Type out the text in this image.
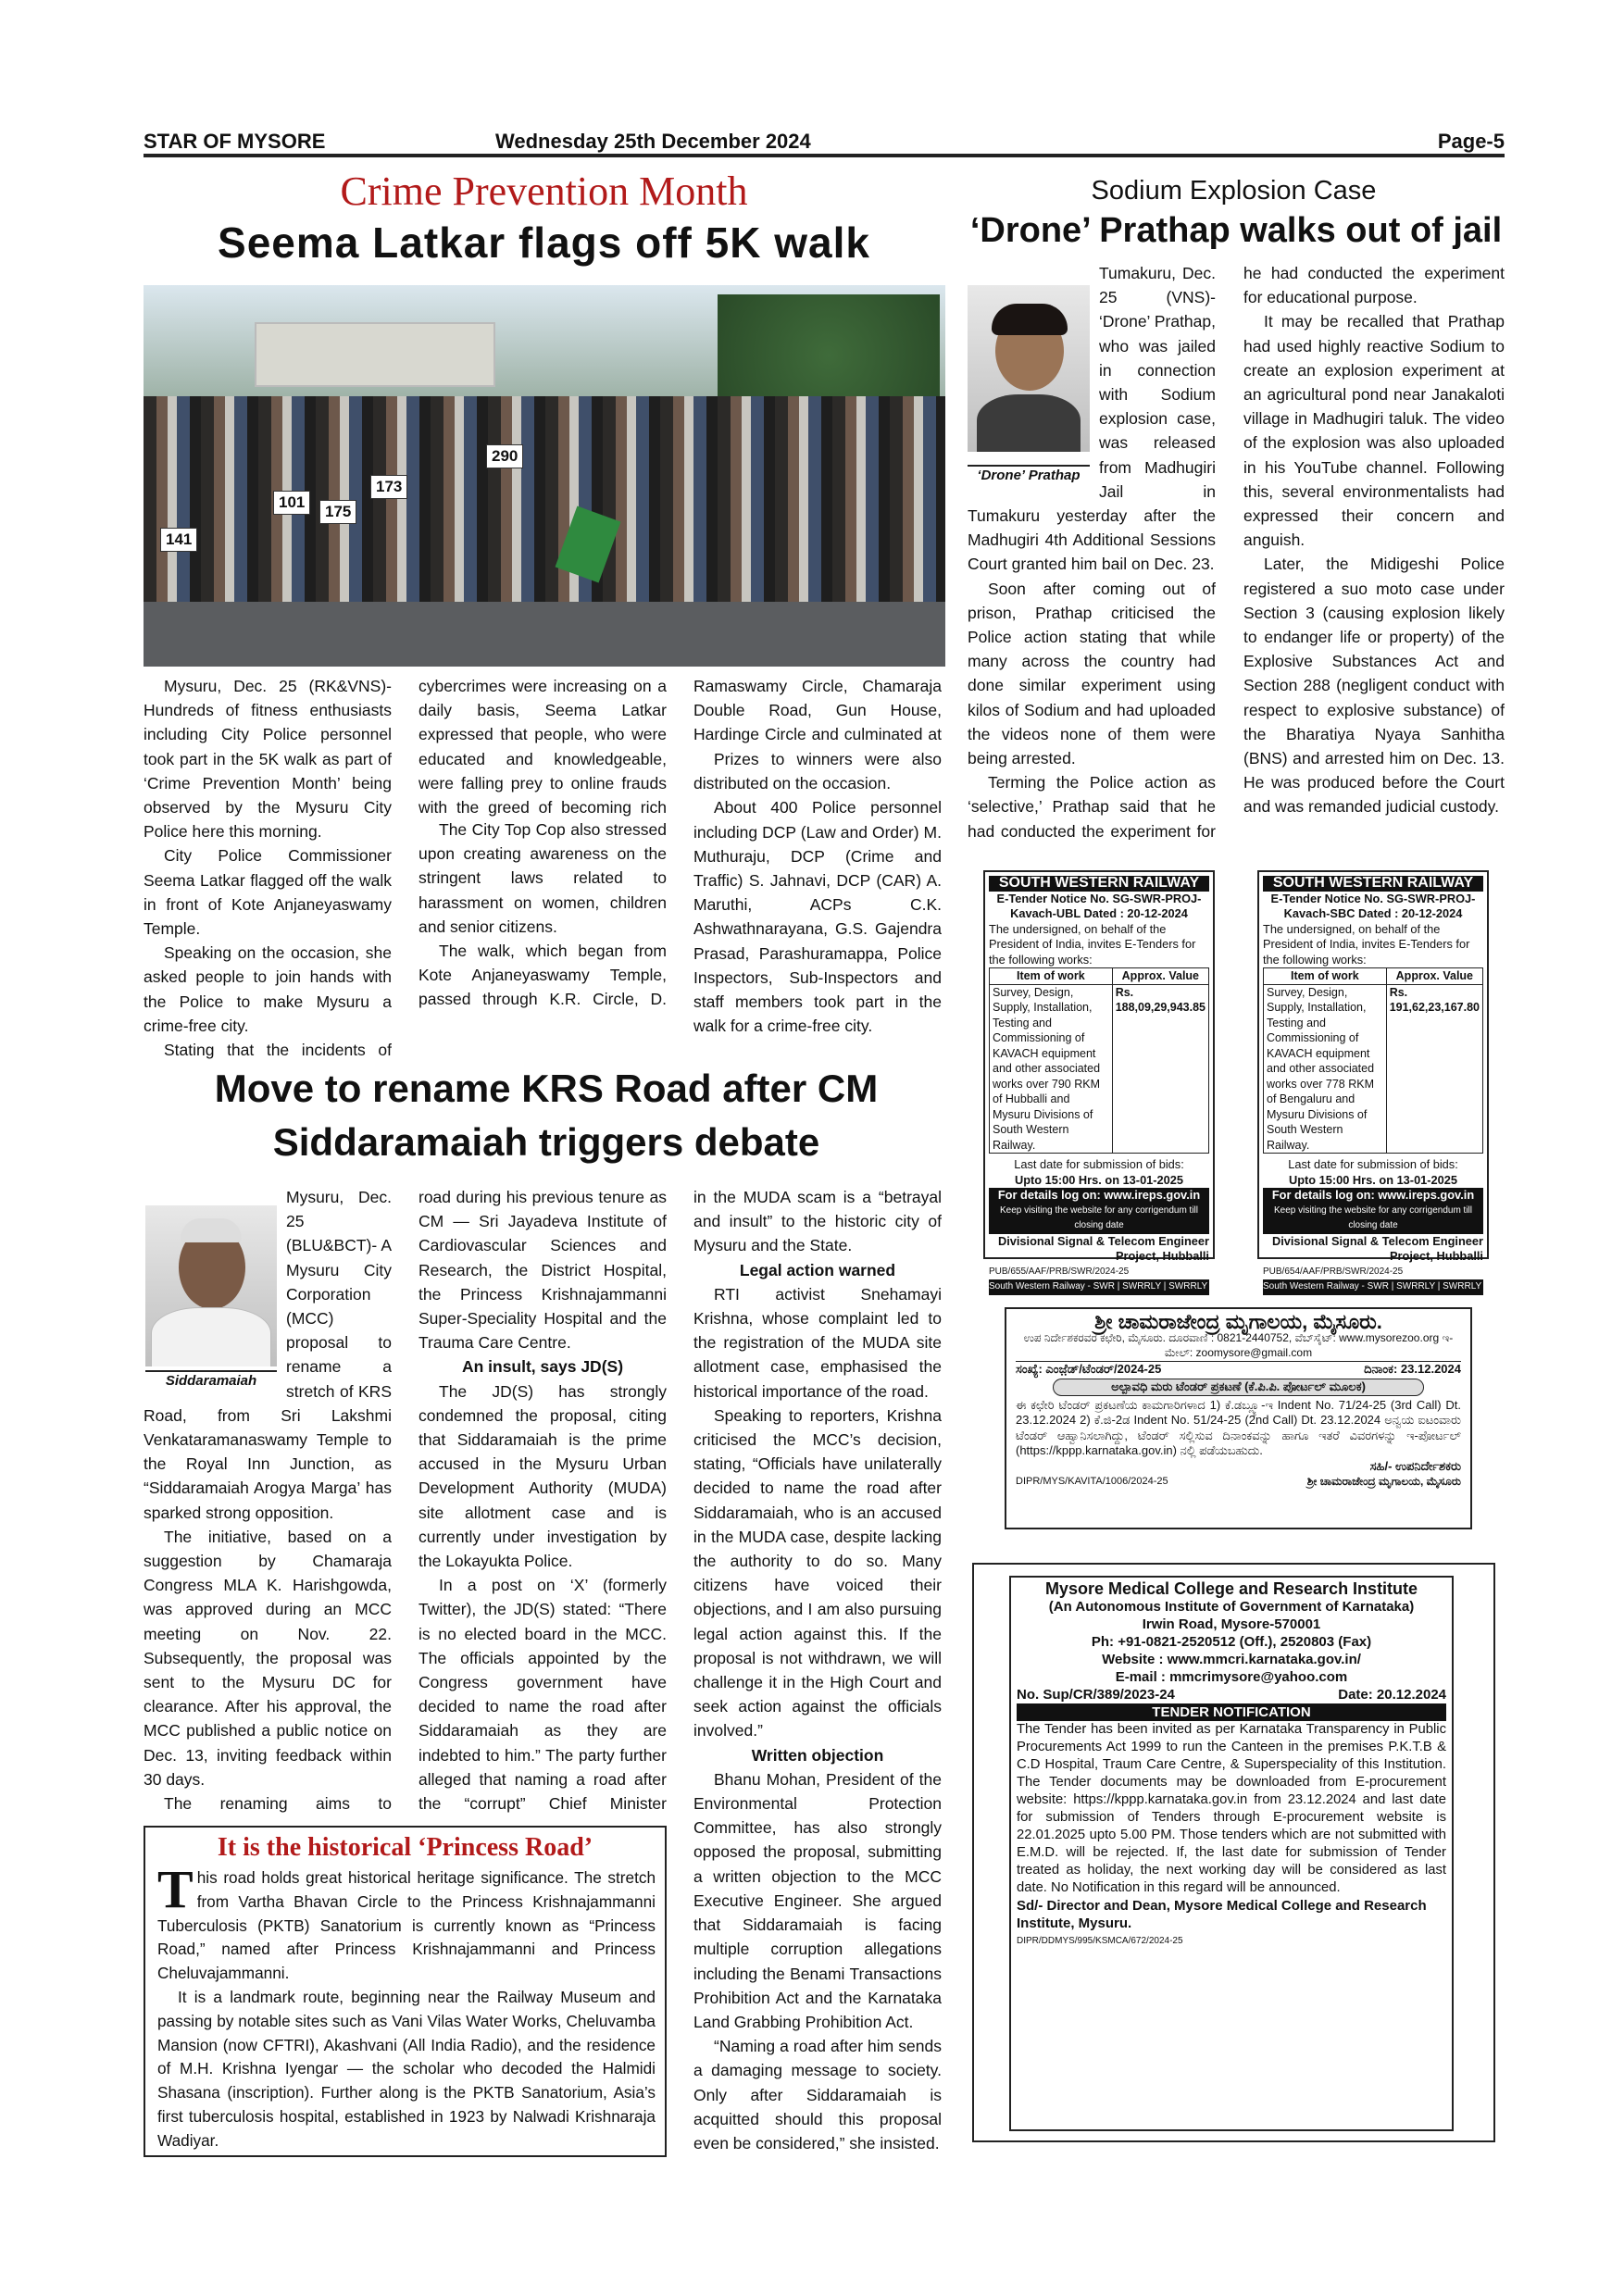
STAR OF MYSORE	Wednesday 25th December 2024	Page-5
Crime Prevention Month
Seema Latkar flags off 5K walk
141
101
175
173
290

Mysuru, Dec. 25 (RK&VNS)- Hundreds of fitness enthusiasts including City Police personnel took part in the 5K walk as part of ‘Crime Prevention Month’ being observed by the Mysuru City Police here this morning.

City Police Commissioner Seema Latkar flagged off the walk in front of Kote Anjaneyaswamy Temple.

Speaking on the occasion, she asked people to join hands with the Police to make Mysuru a crime-free city.

Stating that the incidents of

cybercrimes were increasing on a daily basis, Seema Latkar expressed that people, who were educated and knowledgeable, were falling prey to online frauds with the greed of becoming rich

The City Top Cop also stressed upon creating awareness on the stringent laws related to harassment on women, children and senior citizens.

The walk, which began from Kote Anjaneyaswamy Temple, passed through K.R. Circle, D.

Ramaswamy Circle, Chamaraja Double Road, Gun House, Hardinge Circle and culminated at

Prizes to winners were also distributed on the occasion.

About 400 Police personnel including DCP (Law and Order) M. Muthuraju, DCP (Crime and Traffic) S. Jahnavi, DCP (CAR) A. Maruthi, ACPs C.K. Ashwathnarayana, G.S. Gajendra Prasad, Parashuramappa, Police Inspectors, Sub-Inspectors and staff members took part in the walk for a crime-free city.

Sodium Explosion Case
‘Drone’ Prathap walks out of jail
‘Drone’ Prathap

Tumakuru, Dec. 25 (VNS)- ‘Drone’ Prathap, who was jailed in connection with Sodium explosion case, was released from Madhugiri Jail in Tumakuru yesterday after the Madhugiri 4th Additional Sessions Court granted him bail on Dec. 23.

Soon after coming out of prison, Prathap criticised the Police action stating that while many across the country had done similar experiment using kilos of Sodium and had uploaded the videos none of them were being arrested.

Terming the Police action as ‘selective,’ Prathap said that he had conducted the experiment for

he had conducted the experiment for educational purpose.

It may be recalled that Prathap had used highly reactive Sodium to create an explosion experiment at an agricultural pond near Janakaloti village in Madhugiri taluk. The video of the explosion was also uploaded in his YouTube channel. Following this, several environmentalists had expressed their concern and anguish.

Later, the Midigeshi Police registered a suo moto case under Section 3 (causing explosion likely to endanger life or property) of the Explosive Substances Act and Section 288 (negligent conduct with respect to explosive substance) of the Bharatiya Nyaya Sanhitha (BNS) and arrested him on Dec. 13. He was produced before the Court and was remanded judicial custody.

SOUTH WESTERN RAILWAY
E-Tender Notice No. SG-SWR-PROJ-Kavach-UBL Dated : 20-12-2024
The undersigned, on behalf of the President of India, invites E-Tenders for the following works:
Item of work	Approx. Value
Survey, Design, Supply, Installation, Testing and Commissioning of KAVACH equipment and other associated works over 790 RKM of Hubballi and Mysuru Divisions of South Western Railway.	Rs. 188,09,29,943.85
Last date for submission of bids:
Upto 15:00 Hrs. on 13-01-2025
For details log on: www.ireps.gov.in
Keep visiting the website for any corrigendum till closing date
Divisional Signal & Telecom Engineer Project, Hubballi
PUB/655/AAF/PRB/SWR/2024-25
South Western Railway - SWR | SWRRLY | SWRRLY
SOUTH WESTERN RAILWAY
E-Tender Notice No. SG-SWR-PROJ-Kavach-SBC Dated : 20-12-2024
The undersigned, on behalf of the President of India, invites E-Tenders for the following works:
Item of work	Approx. Value
Survey, Design, Supply, Installation, Testing and Commissioning of KAVACH equipment and other associated works over 778 RKM of Bengaluru and Mysuru Divisions of South Western Railway.	Rs. 191,62,23,167.80
Last date for submission of bids:
Upto 15:00 Hrs. on 13-01-2025
For details log on: www.ireps.gov.in
Keep visiting the website for any corrigendum till closing date
Divisional Signal & Telecom Engineer Project, Hubballi
PUB/654/AAF/PRB/SWR/2024-25
South Western Railway - SWR | SWRRLY | SWRRLY
ಶ್ರೀ ಚಾಮರಾಜೇಂದ್ರ ಮೃಗಾಲಯ, ಮೈಸೂರು.
ಉಪ ನಿರ್ದೇಶಕರವರ ಕಛೇರಿ, ಮೈಸೂರು. ದೂರವಾಣಿ : 0821-2440752, ವೆಬ್‌ಸೈಟ್: www.mysorezoo.org ಇ-ಮೇಲ್: zoomysore@gmail.com
ಸಂಖ್ಯೆ: ಎಂಜ಼ೆಡ್/ಟೆಂಡರ್/2024-25	ದಿನಾಂಕ: 23.12.2024
ಅಲ್ಪಾವಧಿ ಮರು ಟೆಂಡರ್ ಪ್ರಕಟಣೆ (ಕೆ.ಪಿ.ಪಿ. ಪೋರ್ಟಲ್ ಮೂಲಕ)
ಈ ಕಛೇರಿ ಟೆಂಡರ್ ಪ್ರಕಟಣೆಯ ಕಾಮಗಾರಿಗಳಾದ 1) ಕೆ.ಡಬ್ಲ್ಯೂ-ಇ Indent No. 71/24-25 (3rd Call) Dt. 23.12.2024 2) ಕೆ.ಜಿ-2ಡ Indent No. 51/24-25 (2nd Call) Dt. 23.12.2024 ಅನ್ವಯ ಐಟಂವಾರು ಟೆಂಡರ್ ಆಹ್ವಾನಿಸಲಾಗಿದ್ದು, ಟೆಂಡರ್ ಸಲ್ಲಿಸುವ ದಿನಾಂಕವನ್ನು ಹಾಗೂ ಇತರೆ ವಿವರಗಳನ್ನು ಇ-ಪೋರ್ಟಲ್ (https://kppp.karnataka.gov.in) ನಲ್ಲಿ ಪಡೆಯಬಹುದು.
ಸಹಿ/- ಉಪನಿರ್ದೇಶಕರು
DIPR/MYS/KAVITA/1006/2024-25	ಶ್ರೀ ಚಾಮರಾಜೇಂದ್ರ ಮೃಗಾಲಯ, ಮೈಸೂರು
Mysore Medical College and Research Institute
(An Autonomous Institute of Government of Karnataka)
Irwin Road, Mysore-570001
Ph: +91-0821-2520512 (Off.), 2520803 (Fax)
Website : www.mmcri.karnataka.gov.in/
E-mail : mmcrimysore@yahoo.com
No. Sup/CR/389/2023-24	Date: 20.12.2024
TENDER NOTIFICATION
The Tender has been invited as per Karnataka Transparency in Public Procurements Act 1999 to run the Canteen in the premises P.K.T.B & C.D Hospital, Traum Care Centre, & Superspeciality of this Institution. The Tender documents may be downloaded from E-procurement website: https://kppp.karnataka.gov.in from 23.12.2024 and last date for submission of Tenders through E-procurement website is 22.01.2025 upto 5.00 PM. Those tenders which are not submitted with E.M.D. will be rejected. If, the last date for submission of Tender treated as holiday, the next working day will be considered as last date. No Notification in this regard will be announced.
Sd/- Director and Dean, Mysore Medical College and Research Institute, Mysuru.
DIPR/DDMYS/995/KSMCA/672/2024-25
Move to rename KRS Road after CM
Siddaramaiah triggers debate
Siddaramaiah

Mysuru, Dec. 25 (BLU&BCT)- A Mysuru City Corporation (MCC) proposal to rename a stretch of KRS Road, from Sri Lakshmi Venkataramanaswamy Temple to the Royal Inn Junction, as “Siddaramaiah Arogya Marga’ has sparked strong opposition.

The initiative, based on a suggestion by Chamaraja Congress MLA K. Harishgowda, was approved during an MCC meeting on Nov. 22. Subsequently, the proposal was sent to the Mysuru DC for clearance. After his approval, the MCC published a public notice on Dec. 13, inviting feedback within 30 days.

The renaming aims to

road during his previous tenure as CM — Sri Jayadeva Institute of Cardiovascular Sciences and Research, the District Hospital, the Princess Krishnajammanni Super-Speciality Hospital and the Trauma Care Centre.

An insult, says JD(S)

The JD(S) has strongly condemned the proposal, citing that Siddaramaiah is the prime accused in the Mysuru Urban Development Authority (MUDA) site allotment case and is currently under investigation by the Lokayukta Police.

In a post on ‘X’ (formerly Twitter), the JD(S) stated: “There is no elected board in the MCC. The officials appointed by the Congress government have decided to name the road after Siddaramaiah as they are indebted to him.” The party further alleged that naming a road after the “corrupt” Chief Minister

in the MUDA scam is a “betrayal and insult” to the historic city of Mysuru and the State.

Legal action warned

RTI activist Snehamayi Krishna, whose complaint led to the registration of the MUDA site allotment case, emphasised the historical importance of the road.

Speaking to reporters, Krishna criticised the MCC’s decision, stating, “Officials have unilaterally decided to name the road after Siddaramaiah, who is an accused in the MUDA case, despite lacking the authority to do so. Many citizens have voiced their objections, and I am also pursuing legal action against this. If the proposal is not withdrawn, we will challenge it in the High Court and seek action against the officials involved.”

Written objection

Bhanu Mohan, President of the Environmental Protection Committee, has also strongly opposed the proposal, submitting a written objection to the MCC Executive Engineer. She argued that Siddaramaiah is facing multiple corruption allegations including the Benami Transactions Prohibition Act and the Karnataka Land Grabbing Prohibition Act.

“Naming a road after him sends a damaging message to society. Only after Siddaramaiah is acquitted should this proposal even be considered,” she insisted.

It is the historical ‘Princess Road’

This road holds great historical heritage significance. The stretch from Vartha Bhavan Circle to the Princess Krishnajammanni Tuberculosis (PKTB) Sanatorium is currently known as “Princess Road,” named after Princess Krishnajammanni and Princess Cheluvajammanni.

It is a landmark route, beginning near the Railway Museum and passing by notable sites such as Vani Vilas Water Works, Cheluvamba Mansion (now CFTRI), Akashvani (All India Radio), and the residence of M.H. Krishna Iyengar — the scholar who decoded the Halmidi Shasana (inscription). Further along is the PKTB Sanatorium, Asia’s first tuberculosis hospital, established in 1923 by Nalwadi Krishnaraja Wadiyar.
